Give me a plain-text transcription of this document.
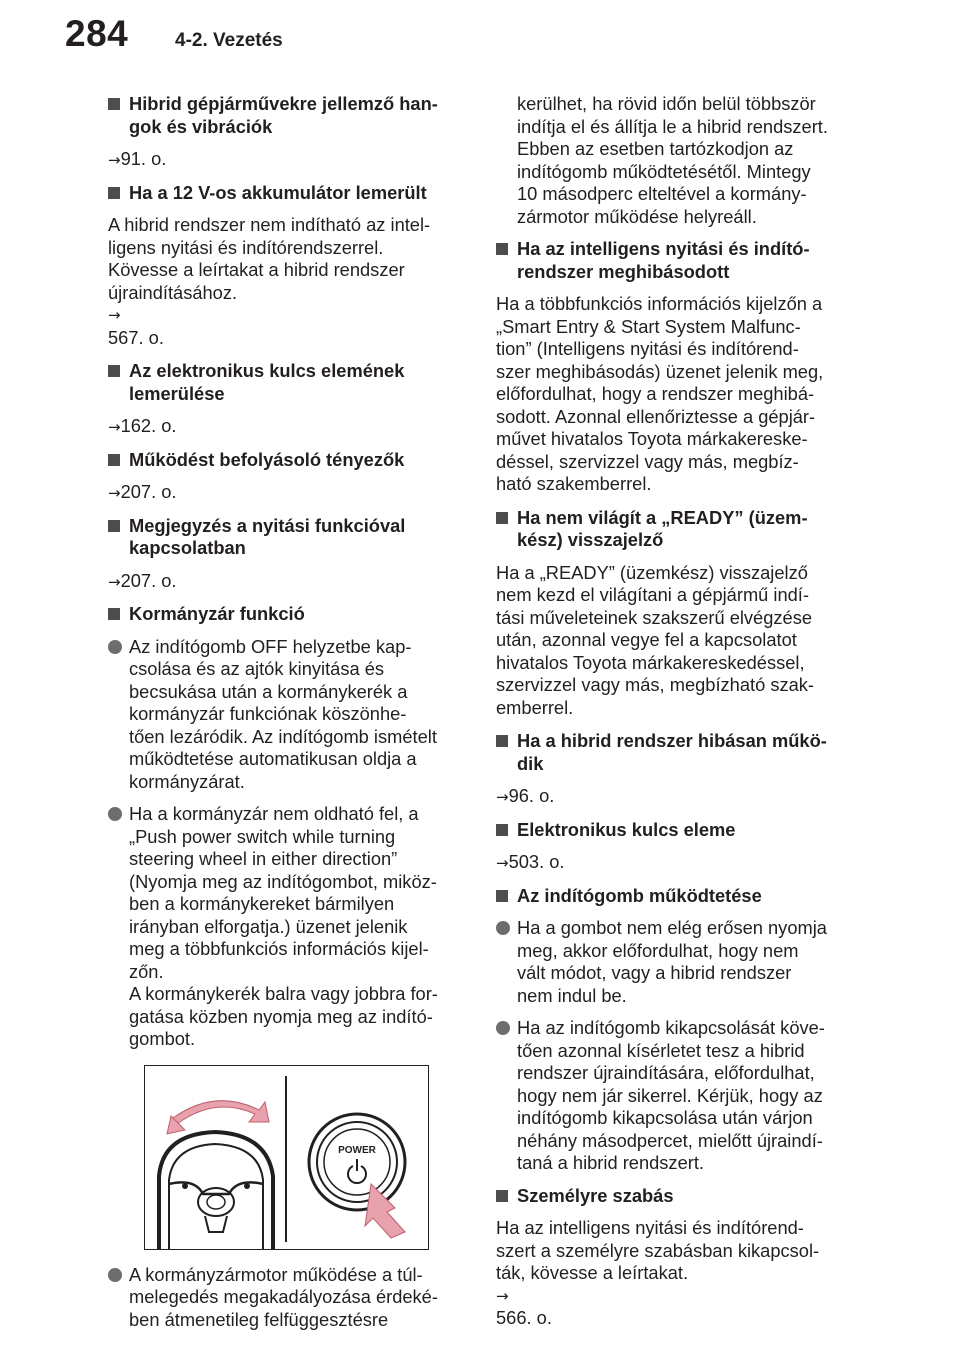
284 4-2. Vezetés
Hibrid gépjárművekre jellemző han-
gok és vibrációk
→91. o.
Ha a 12 V-os akkumulátor lemerült
A hibrid rendszer nem indítható az intel-
ligens nyitási és indítórendszerrel.
Kövesse a leírtakat a hibrid rendszer
újraindításához.
→
567. o.
Az elektronikus kulcs elemének
lemerülése
→162. o.
Működést befolyásoló tényezők
→207. o.
Megjegyzés a nyitási funkcióval
kapcsolatban
→207. o.
Kormányzár funkció
Az indítógomb OFF helyzetbe kap-
csolása és az ajtók kinyitása és
becsukása után a kormánykerék a
kormányzár funkciónak köszönhe-
tően lezáródik. Az indítógomb ismételt
működtetése automatikusan oldja a
kormányzárat.
Ha a kormányzár nem oldható fel, a
„Push power switch while turning
steering wheel in either direction”
(Nyomja meg az indítógombot, miköz-
ben a kormánykereket bármilyen
irányban elforgatja.) üzenet jelenik
meg a többfunkciós információs kijel-
zőn.
A kormánykerék balra vagy jobbra for-
gatása közben nyomja meg az indító-
gombot.
POWER
A kormányzármotor működése a túl-
melegedés megakadályozása érdeké-
ben átmenetileg felfüggesztésre
kerülhet, ha rövid időn belül többször
indítja el és állítja le a hibrid rendszert.
Ebben az esetben tartózkodjon az
indítógomb működtetésétől. Mintegy
10 másodperc elteltével a kormány-
zármotor működése helyreáll.
Ha az intelligens nyitási és indító-
rendszer meghibásodott
Ha a többfunkciós információs kijelzőn a
„Smart Entry & Start System Malfunc-
tion” (Intelligens nyitási és indítórend-
szer meghibásodás) üzenet jelenik meg,
előfordulhat, hogy a rendszer meghibá-
sodott. Azonnal ellenőriztesse a gépjár-
művet hivatalos Toyota márkakereske-
déssel, szervizzel vagy más, megbíz-
ható szakemberrel.
Ha nem világít a „READY” (üzem-
kész) visszajelző
Ha a „READY” (üzemkész) visszajelző
nem kezd el világítani a gépjármű indí-
tási műveleteinek szakszerű elvégzése
után, azonnal vegye fel a kapcsolatot
hivatalos Toyota márkakereskedéssel,
szervizzel vagy más, megbízható szak-
emberrel.
Ha a hibrid rendszer hibásan műkö-
dik
→96. o.
Elektronikus kulcs eleme
→503. o.
Az indítógomb működtetése
Ha a gombot nem elég erősen nyomja
meg, akkor előfordulhat, hogy nem
vált módot, vagy a hibrid rendszer
nem indul be.
Ha az indítógomb kikapcsolását köve-
tően azonnal kísérletet tesz a hibrid
rendszer újraindítására, előfordulhat,
hogy nem jár sikerrel. Kérjük, hogy az
indítógomb kikapcsolása után várjon
néhány másodpercet, mielőtt újraindí-
taná a hibrid rendszert.
Személyre szabás
Ha az intelligens nyitási és indítórend-
szert a személyre szabásban kikapcsol-
ták, kövesse a leírtakat.
→
566. o.
